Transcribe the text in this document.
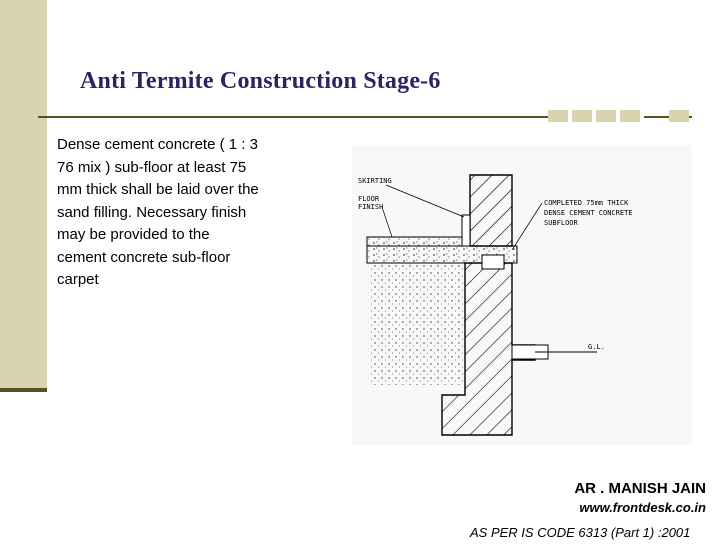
Anti Termite Construction Stage-6
Dense cement concrete ( 1 : 3
76 mix ) sub-floor at least 75
mm thick shall be laid over the
sand filling. Necessary finish
may be provided to the
cement concrete sub-floor
carpet
SKIRTING
FLOOR
FINISH	COMPLETED 75mm THICK
DENSE CEMENT CONCRETE
SUBFLOOR
G.L.
AR . MANISH JAIN
www.frontdesk.co.in
AS PER IS CODE 6313 (Part 1) :2001
